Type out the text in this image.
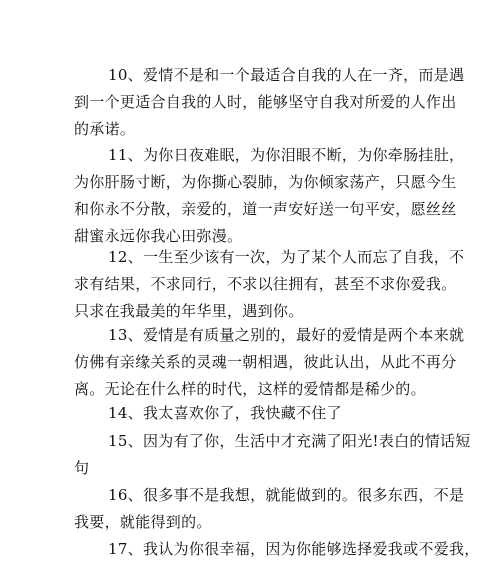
10、爱情不是和一个最适合自我的人在一齐，而是遇
到一个更适合自我的人时，能够坚守自我对所爱的人作出
的承诺。
11、为你日夜难眠，为你泪眼不断，为你牵肠挂肚，
为你肝肠寸断，为你撕心裂肺，为你倾家荡产，只愿今生
和你永不分散，亲爱的，道一声安好送一句平安，愿丝丝
甜蜜永远你我心田弥漫。
12、一生至少该有一次，为了某个人而忘了自我，不
求有结果，不求同行，不求以往拥有，甚至不求你爱我。
只求在我最美的年华里，遇到你。
13、爱情是有质量之别的，最好的爱情是两个本来就
仿佛有亲缘关系的灵魂一朝相遇，彼此认出，从此不再分
离。无论在什么样的时代，这样的爱情都是稀少的。
14、我太喜欢你了，我快藏不住了
15、因为有了你，生活中才充满了阳光!表白的情话短
句
16、很多事不是我想，就能做到的。很多东西，不是
我要，就能得到的。
17、我认为你很幸福，因为你能够选择爱我或不爱我，
